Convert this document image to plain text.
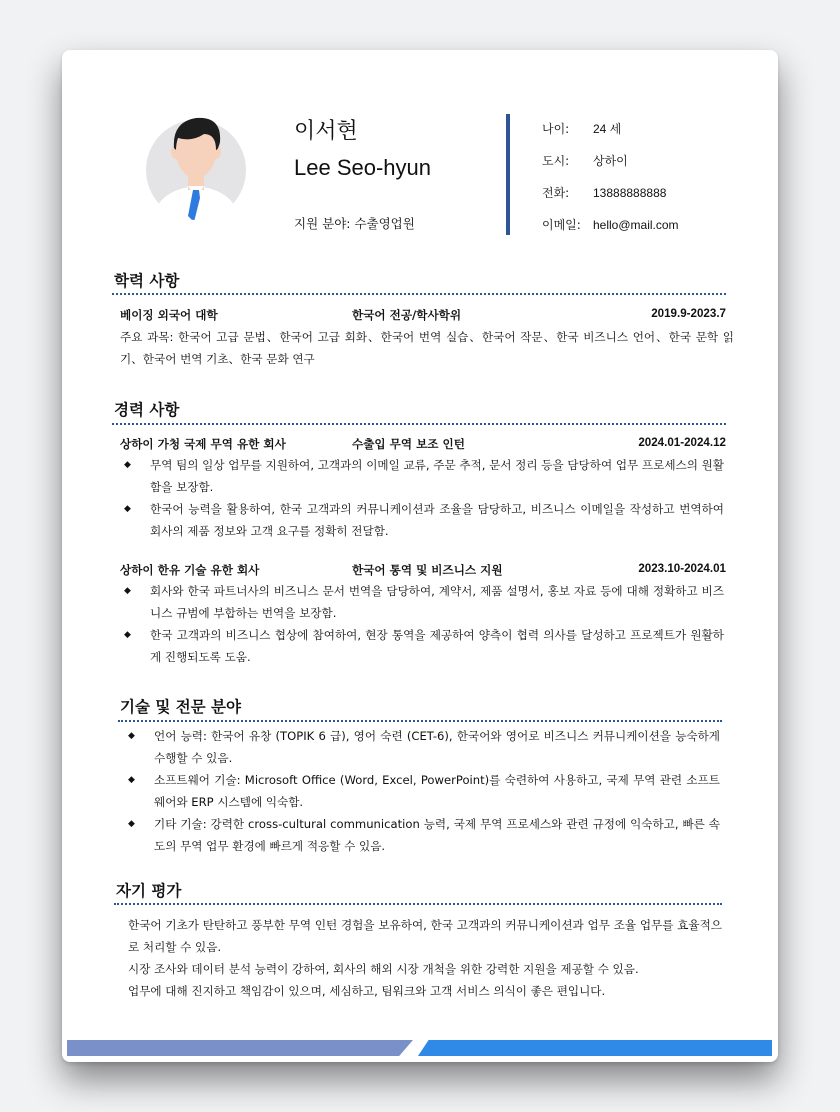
이서현
Lee Seo-hyun
지원 분야: 수출영업원
나이: 24 세
도시: 상하이
전화: 13888888888
이메일: hello@mail.com
학력 사항
베이징 외국어 대학	한국어 전공/학사학위	2019.9-2023.7
주요 과목: 한국어 고급 문법、한국어 고급 회화、한국어 번역 실습、한국어 작문、한국 비즈니스 언어、한국 문학 읽기、한국어 번역 기초、한국 문화 연구
경력 사항
상하이 가청 국제 무역 유한 회사	수출입 무역 보조 인턴	2024.01-2024.12
◆ 무역 팀의 일상 업무를 지원하여, 고객과의 이메일 교류, 주문 추적, 문서 정리 등을 담당하여 업무 프로세스의 원활함을 보장함.
◆ 한국어 능력을 활용하여, 한국 고객과의 커뮤니케이션과 조율을 담당하고, 비즈니스 이메일을 작성하고 번역하여 회사의 제품 정보와 고객 요구를 정확히 전달함.
상하이 한유 기술 유한 회사	한국어 통역 및 비즈니스 지원	2023.10-2024.01
◆ 회사와 한국 파트너사의 비즈니스 문서 번역을 담당하여, 계약서, 제품 설명서, 홍보 자료 등에 대해 정확하고 비즈니스 규범에 부합하는 번역을 보장함.
◆ 한국 고객과의 비즈니스 협상에 참여하여, 현장 통역을 제공하여 양측이 협력 의사를 달성하고 프로젝트가 원활하게 진행되도록 도움.
기술 및 전문 분야
◆ 언어 능력: 한국어 유창 (TOPIK 6 급), 영어 숙련 (CET-6), 한국어와 영어로 비즈니스 커뮤니케이션을 능숙하게 수행할 수 있음.
◆ 소프트웨어 기술: Microsoft Office (Word, Excel, PowerPoint)를 숙련하여 사용하고, 국제 무역 관련 소프트웨어와 ERP 시스템에 익숙함.
◆ 기타 기술: 강력한 cross-cultural communication 능력, 국제 무역 프로세스와 관련 규정에 익숙하고, 빠른 속도의 무역 업무 환경에 빠르게 적응할 수 있음.
자기 평가
한국어 기초가 탄탄하고 풍부한 무역 인턴 경험을 보유하여, 한국 고객과의 커뮤니케이션과 업무 조율 업무를 효율적으로 처리할 수 있음.
시장 조사와 데이터 분석 능력이 강하여, 회사의 해외 시장 개척을 위한 강력한 지원을 제공할 수 있음.
업무에 대해 진지하고 책임감이 있으며, 세심하고, 팀워크와 고객 서비스 의식이 좋은 편입니다.
